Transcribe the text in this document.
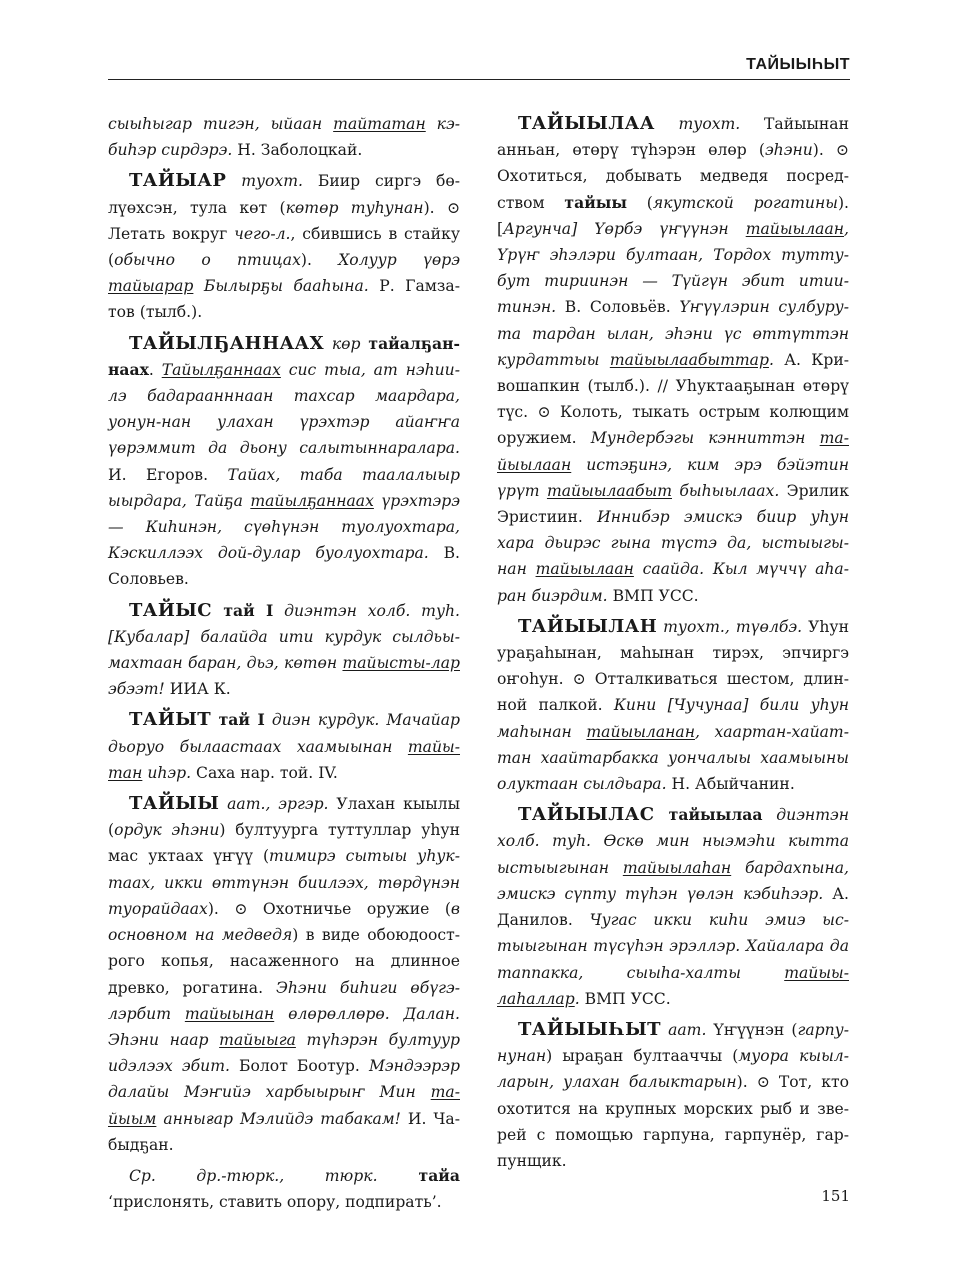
ТАЙЫЫҺЫТ

сыыһыгар тигэн, ыйаан тайтатан кэ-биһэр сирдэрэ. Н. Заболоцкай.

ТАЙЫАР туохт. Биир сиргэ бө-лүөхсэн, тула көт (көтөр туһунан). ⊙ Летать вокруг чего-л., сбившись в стайку (обычно о птицах). Холуур үөрэ тайыарар Былырҕы бааһына. Р. Гамза-тов (тылб.).

ТАЙЫЛҔАННААХ көр тайалҕан-наах. Тайылҕаннаах сис тыа, ат нэһии-лэ бадараанннаан тахсар маардара, уонун-нан улахан үрэхтэр айаҥҥа үөрэммит да дьону салытыннаралара. И. Егоров. Тайах, таба таалалыыр ыырдара, Тайҕа тайылҕаннаах үрэхтэрэ — Киһинэн, сүөһүнэн туолуохтара, Кэскиллээх дой-дулар буолуохтара. В. Соловьев.

ТАЙЫС тай I диэнтэн холб. туһ. [Кубалар] балайда ити курдук сылдьы-махтаан баран, дьэ, көтөн тайысты-лар эбээт! ИИА К.

ТАЙЫТ тай I диэн курдук. Мачайар дьоруо былаастаах хаамыынан тайы-тан иһэр. Саха нар. той. IV.

ТАЙЫЫ аат., эргэр. Улахан кыылы (ордук эһэни) бултуурга туттуллар уһун мас уктаах үҥүү (тимирэ сытыы уһук-таах, икки өттүнэн биилээх, төрдүнэн туорайдаах). ⊙ Охотничье оружие (в основном на медведя) в виде обоюдоост-рого копья, насаженного на длинное древко, рогатина. Эһэни биһиги өбүгэ-лэрбит тайыынан өлөрөллөрө. Далан. Эһэни наар тайыыга түһэрэн бултуур идэлээх эбит. Болот Боотур. Мэндээрэр далайы Мэҥийэ харбыырыҥ Мин та-йыым аннығар Мэлийдэ табакам! И. Ча-быдҕан.

Ср. др.-тюрк., тюрк. тайа ‘прислонять, ставить опору, подпирать’.

ТАЙЫЫЛАА туохт. Тайыынан анньан, өтөрү түһэрэн өлөр (эһэни). ⊙ Охотиться, добывать медведя посред-ством тайыы (якутской рогатины). [Аргунча] Үөрбэ үҥүүнэн тайыылаан, Үрүҥ эһэлэри бултаан, Тордох тутту-бут тириинэн — Түйгүн эбит итии-тинэн. В. Соловьёв. Үҥүүлэрин сулбуру-та тардан ылан, эһэни үс өттүттэн курдаттыы тайыылаабыттар. А. Кри-вошапкин (тылб.). // Уһуктааҕынан өтөрү түс. ⊙ Колоть, тыкать острым колющим оружием. Мундербэгы кэнниттэн та-йыылаан истэҕинэ, ким эрэ бэйэтин үрүт тайыылаабыт быһыылаах. Эрилик Эристиин. Иннибэр эмискэ биир уһун хара дьирэс гына түстэ да, ыстыыгы-нан тайыылаан саайда. Кыл мүччү аһа-ран биэрдим. ВМП УСС.

ТАЙЫЫЛАН туохт., түөлбэ. Уһун ураҕаһынан, маһынан тирэх, эпчиргэ оҥоһун. ⊙ Отталкиваться шестом, длин-ной палкой. Кини [Чучунаа] били уһун маһынан тайыыланан, хаартан-хайат-тан хаайтарбакка уончалыы хаамыыны олуктаан сылдьара. Н. Абыйчанин.

ТАЙЫЫЛАС тайыылаа диэнтэн холб. туһ. Өскө мин ныэмэһи кытта ыстыыгынан тайыылаһан бардахпына, эмискэ сүпту түһэн үөлэн кэбиһээр. А. Данилов. Чугас икки киһи эмиэ ыс-тыыгынан түсүһэн эрэллэр. Хайалара да таппакка, сыыһа-халты тайыы-лаһаллар. ВМП УСС.

ТАЙЫЫҺЫТ аат. Үҥүүнэн (гарпу-нунан) ыраҕан бултааччы (муора кыыл-ларын, улахан балыктарын). ⊙ Тот, кто охотится на крупных морских рыб и зве-рей с помощью гарпуна, гарпунёр, гар-пунщик.

151
